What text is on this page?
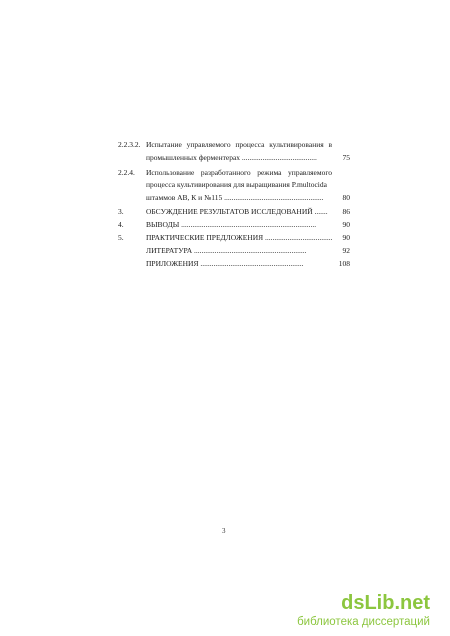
2.2.3.2. Испытание управляемого процесса культивирования в
промышленных ферментерах ........................................	75
2.2.4. Использование разработанного режима управляемого
процесса культивирования для выращивания P.multocida
штаммов АВ, К и №115 .....................................................	80
3.	ОБСУЖДЕНИЕ РЕЗУЛЬТАТОВ ИССЛЕДОВАНИЙ .......	86
4.	ВЫВОДЫ ........................................................................	90
5.	ПРАКТИЧЕСКИЕ ПРЕДЛОЖЕНИЯ ....................................	90
ЛИТЕРАТУРА ............................................................	92
ПРИЛОЖЕНИЯ .......................................................	108
3
dsLib.net
библиотека диссертаций
